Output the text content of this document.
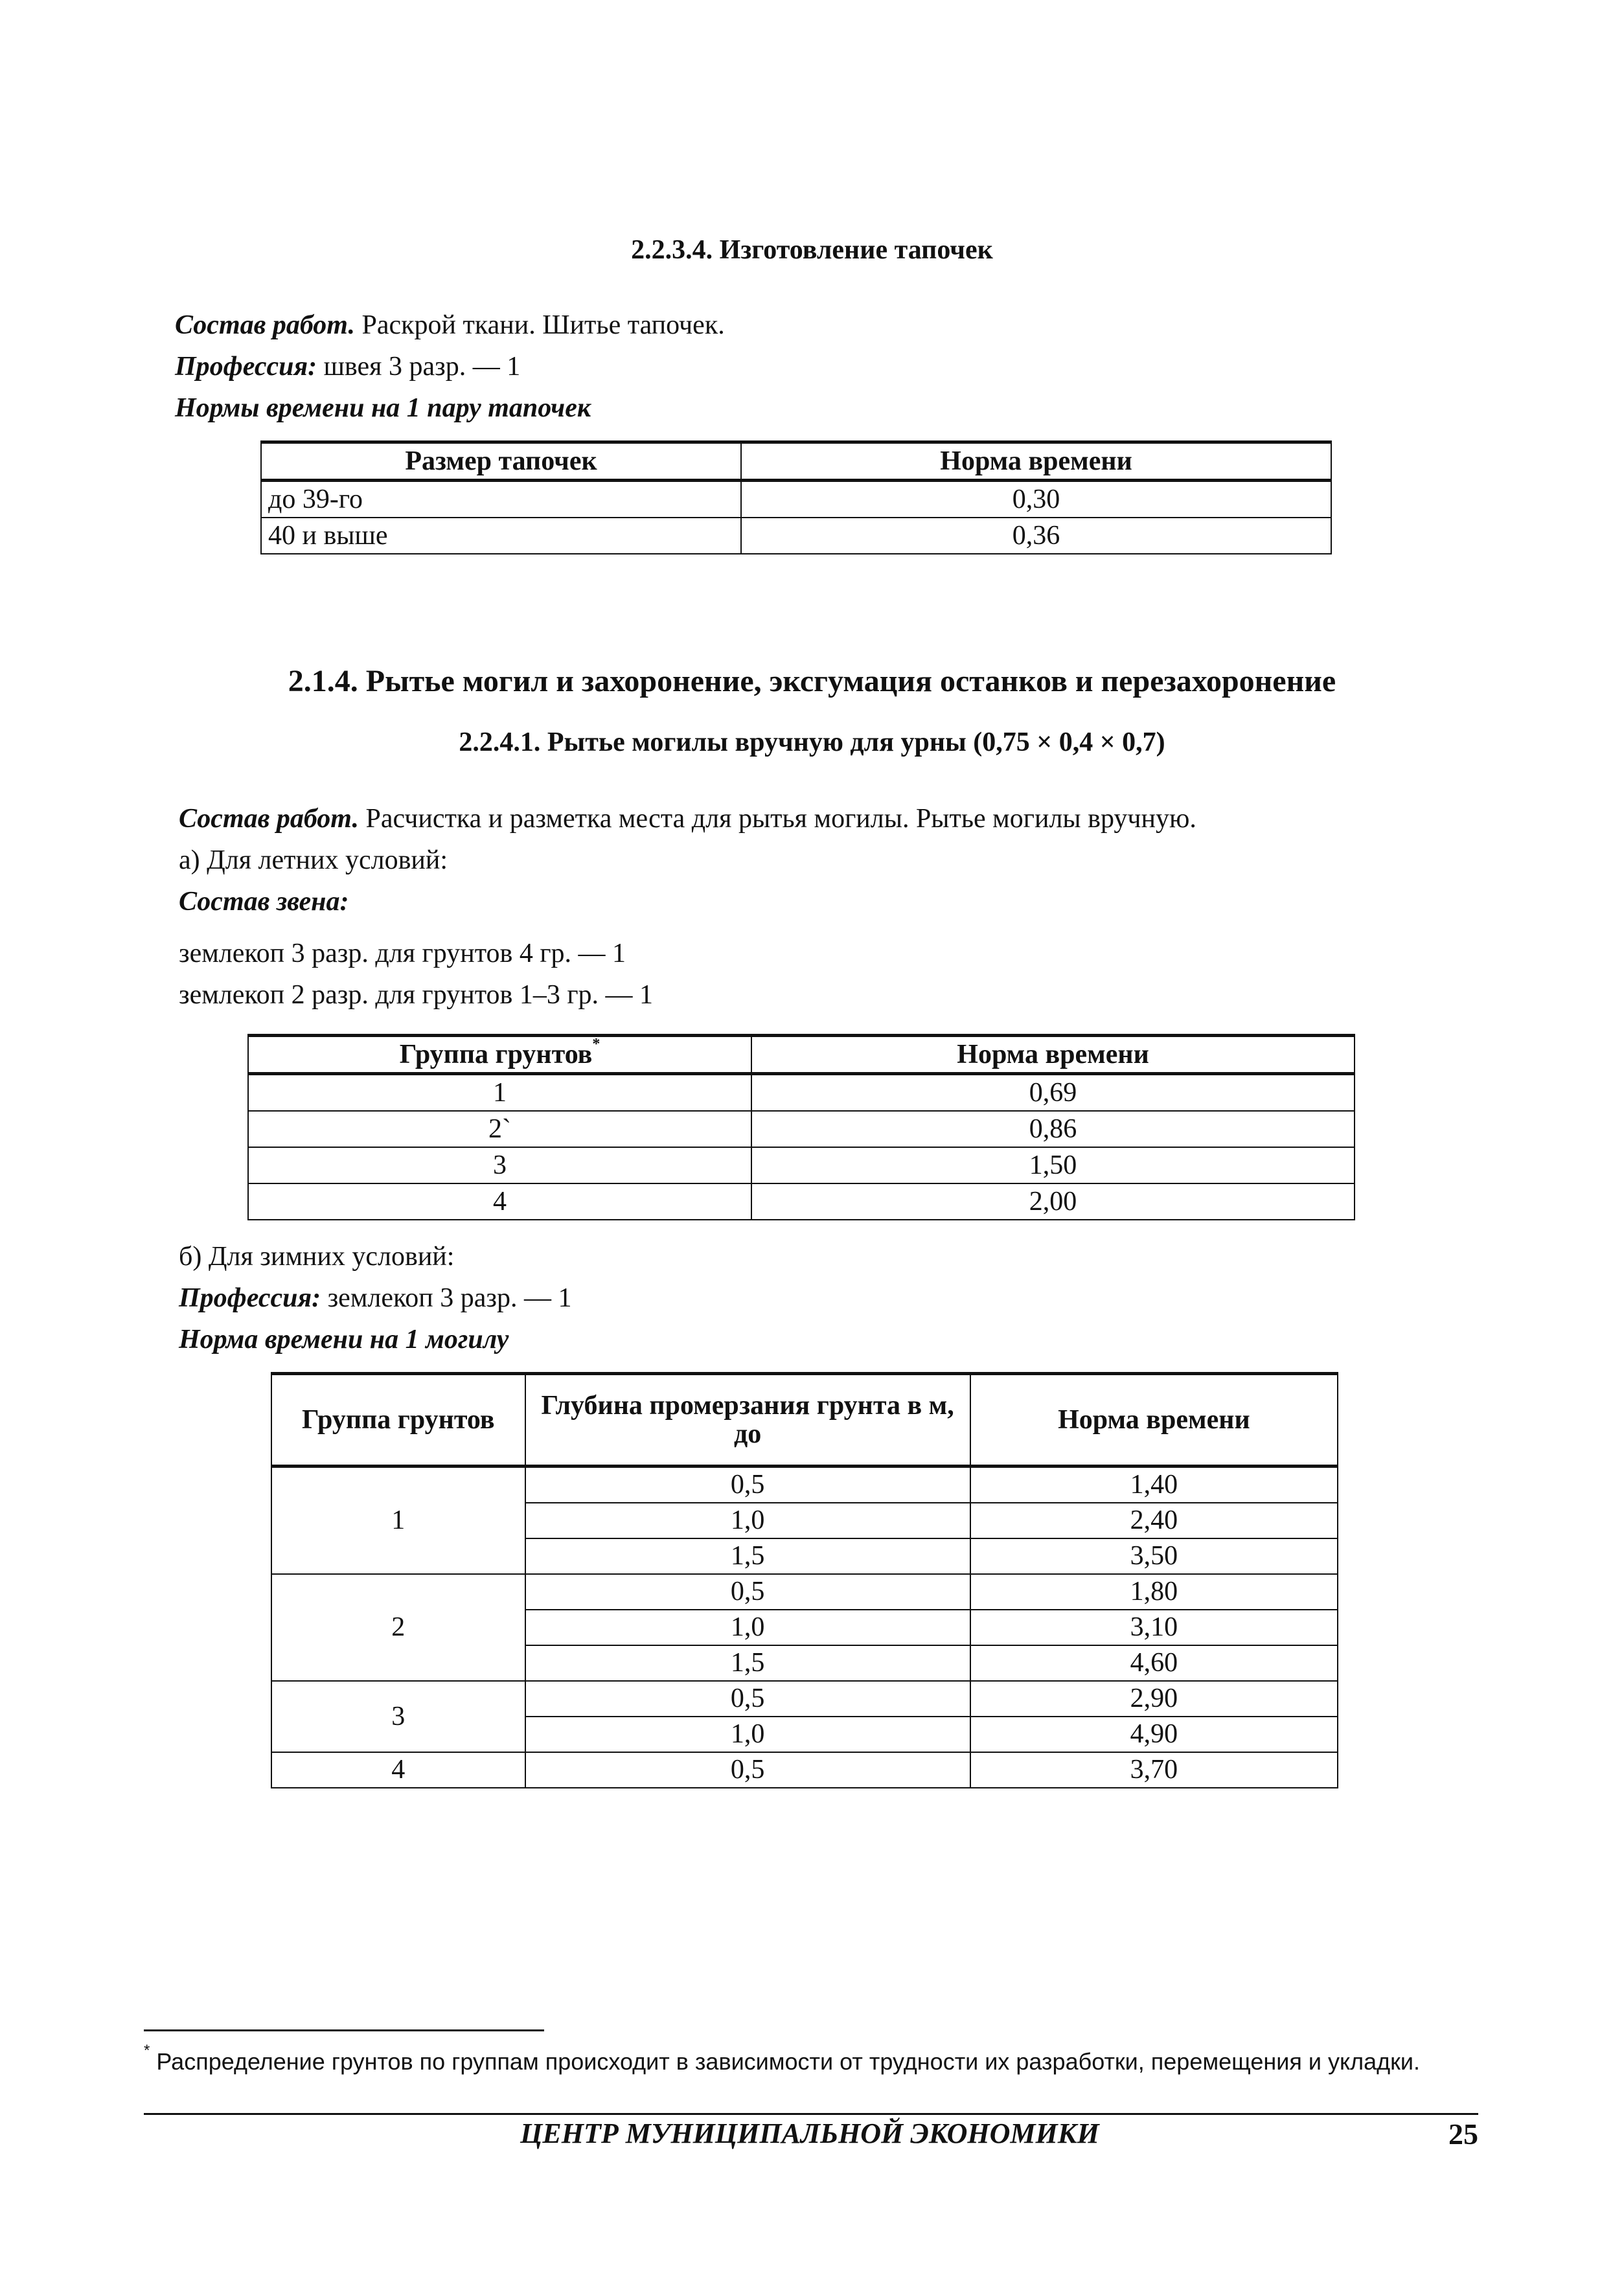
2.2.3.4. Изготовление тапочек
Состав работ. Раскрой ткани. Шитье тапочек.
Профессия: швея 3 разр. — 1
Нормы времени на 1 пару тапочек
Размер тапочек	Норма времени
до 39-го	0,30
40 и выше	0,36
2.1.4. Рытье могил и захоронение, эксгумация останков и перезахоронение
2.2.4.1. Рытье могилы вручную для урны (0,75 × 0,4 × 0,7)
Состав работ. Расчистка и разметка места для рытья могилы. Рытье могилы вручную.
а) Для летних условий:
Состав звена:
землекоп 3 разр. для грунтов 4 гр. — 1
землекоп 2 разр. для грунтов 1–3 гр. — 1
Группа грунтов*	Норма времени
1	0,69
2`	0,86
3	1,50
4	2,00
б) Для зимних условий:
Профессия: землекоп 3 разр. — 1
Норма времени на 1 могилу
Группа грунтов	Глубина промерзания грунта в м, до	Норма времени
1	0,5	1,40
	1,0	2,40
	1,5	3,50
2	0,5	1,80
	1,0	3,10
	1,5	4,60
3	0,5	2,90
	1,0	4,90
4	0,5	3,70
* Распределение грунтов по группам происходит в зависимости от трудности их разработки, перемещения и укладки.
ЦЕНТР МУНИЦИПАЛЬНОЙ ЭКОНОМИКИ	25
